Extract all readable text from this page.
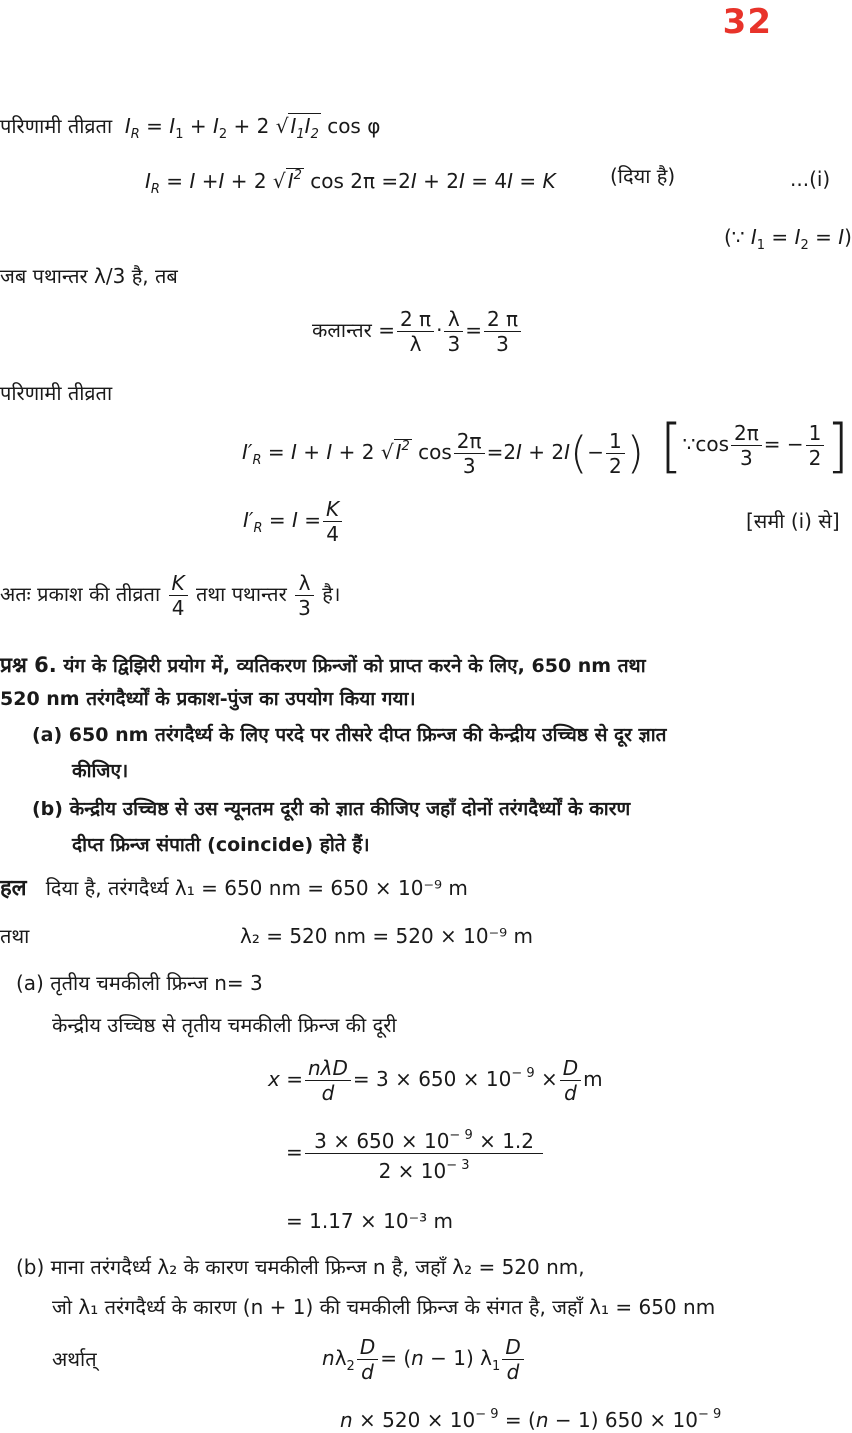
32
परिणामी तीव्रता $I_R = I_1 + I_2 + 2$ √ $I_1I_2$ cos φ
$I_R = I +I + 2$ √ $I^2$ cos 2π =2I + 2I = 4I = K	(दिया है)	...(i)
(∵ $I_1 = I_2 = I$)
जब पथान्तर λ/3 है, तब
कलान्तर = $\frac{2 \pi}{\lambda} \cdot \frac{\lambda}{3} = \frac{2 \pi}{3}$
परिणामी तीव्रता
$I'_R = I + I + 2$ √ $I^2$ $\cos \frac{2\pi}{3} =2I + 2I(- \frac{1}{2}$ ) [∵cos $\frac{2\pi}{3}$ = − $\frac{1}{2}$ ]
$I'_R = I = \frac{K}{4}$	[समी (i) से]
अतः प्रकाश की तीव्रता $\frac{K}{4}$ तथा पथान्तर $\frac{\lambda}{3}$ है।
प्रश्न 6. यंग के द्विझिरी प्रयोग में, व्यतिकरण फ्रिन्जों को प्राप्त करने के लिए, 650 nm तथा
520 nm तरंगदैर्ध्यों के प्रकाश-पुंज का उपयोग किया गया।
(a) 650 nm तरंगदैर्ध्य के लिए परदे पर तीसरे दीप्त फ्रिन्ज की केन्द्रीय उच्चिष्ठ से दूर ज्ञात
कीजिए।
(b) केन्द्रीय उच्चिष्ठ से उस न्यूनतम दूरी को ज्ञात कीजिए जहाँ दोनों तरंगदैर्ध्यों के कारण
दीप्त फ्रिन्ज संपाती (coincide) होते हैं।
हल दिया है, तरंगदैर्ध्य λ₁ = 650 nm = 650 × 10⁻⁹ m
तथा	λ₂ = 520 nm = 520 × 10⁻⁹ m
(a) तृतीय चमकीली फ्रिन्ज n= 3
केन्द्रीय उच्चिष्ठ से तृतीय चमकीली फ्रिन्ज की दूरी
$x = \frac{\text{nλD}}{d} = 3 \times 650 \times 10^{- 9} \times \frac{D}{d}$ m
= $\frac{3 \times 650 \times 10^{- 9} \times 1.2}{2 \times 10^{- 3}}$
= 1.17 × 10⁻³ m
(b) माना तरंगदैर्ध्य λ₂ के कारण चमकीली फ्रिन्ज n है, जहाँ λ₂ = 520 nm,
जो λ₁ तरंगदैर्ध्य के कारण (n + 1) की चमकीली फ्रिन्ज के संगत है, जहाँ λ₁ = 650 nm
अर्थात्	$n\lambda_2 \frac{D}{d} = (n - 1)$ $\lambda_1 \frac{D}{d}$
$n \times 520 \times 10^{- 9} = (n - 1) 650 \times 10^{- 9}$
